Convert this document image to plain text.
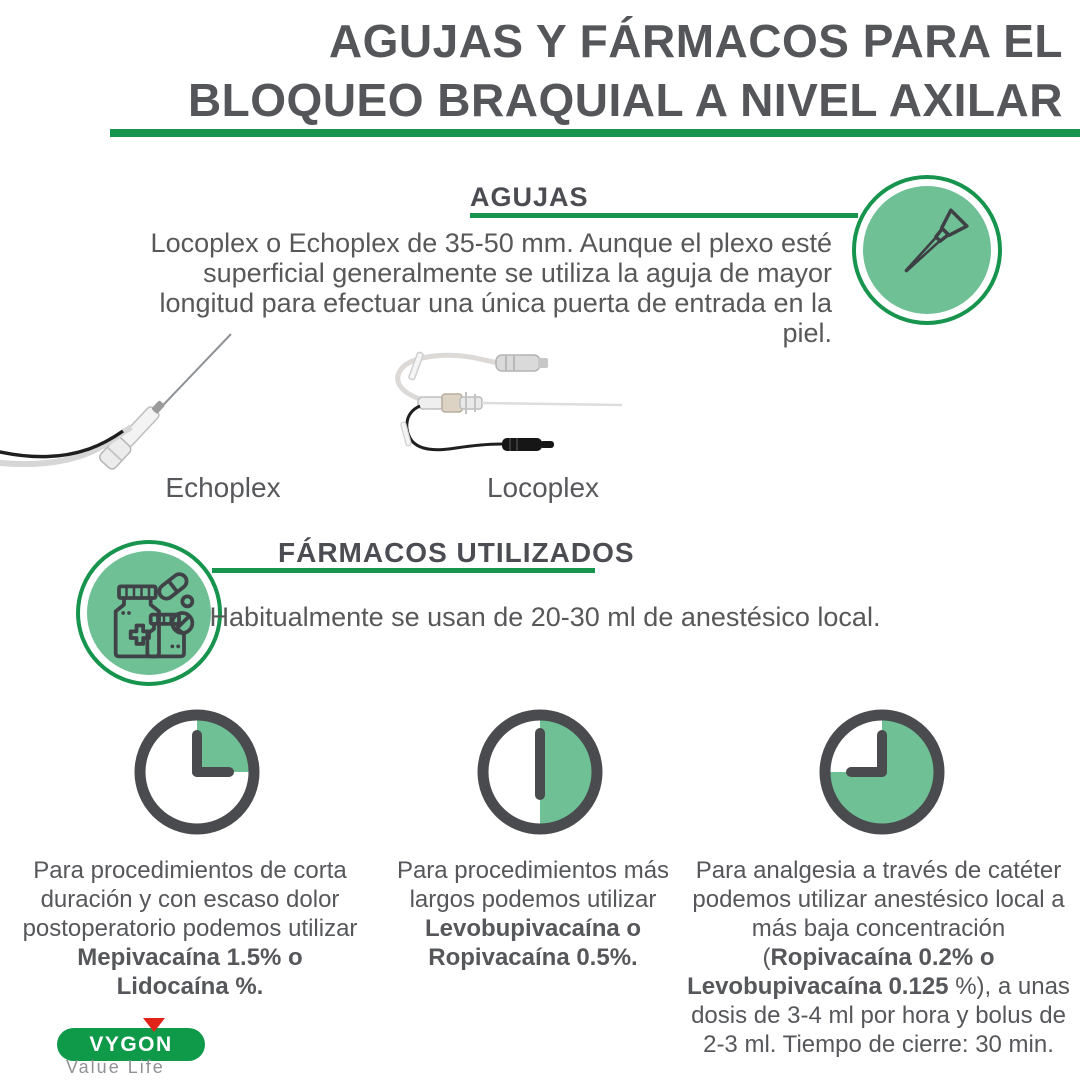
AGUJAS Y FÁRMACOS PARA EL
BLOQUEO BRAQUIAL A NIVEL AXILAR
AGUJAS
Locoplex o Echoplex de 35-50 mm. Aunque el plexo esté superficial generalmente se utiliza la aguja de mayor longitud para efectuar una única puerta de entrada en la piel.
Echoplex	Locoplex
FÁRMACOS UTILIZADOS
Habitualmente se usan de 20-30 ml de anestésico local.
Para procedimientos de corta duración y con escaso dolor postoperatorio podemos utilizar Mepivacaína 1.5% o Lidocaína %.
Para procedimientos más largos podemos utilizar Levobupivacaína o Ropivacaína 0.5%.
Para analgesia a través de catéter podemos utilizar anestésico local a más baja concentración (Ropivacaína 0.2% o Levobupivacaína 0.125 %), a unas dosis de 3-4 ml por hora y bolus de 2-3 ml. Tiempo de cierre: 30 min.
VYGON
Value Life
